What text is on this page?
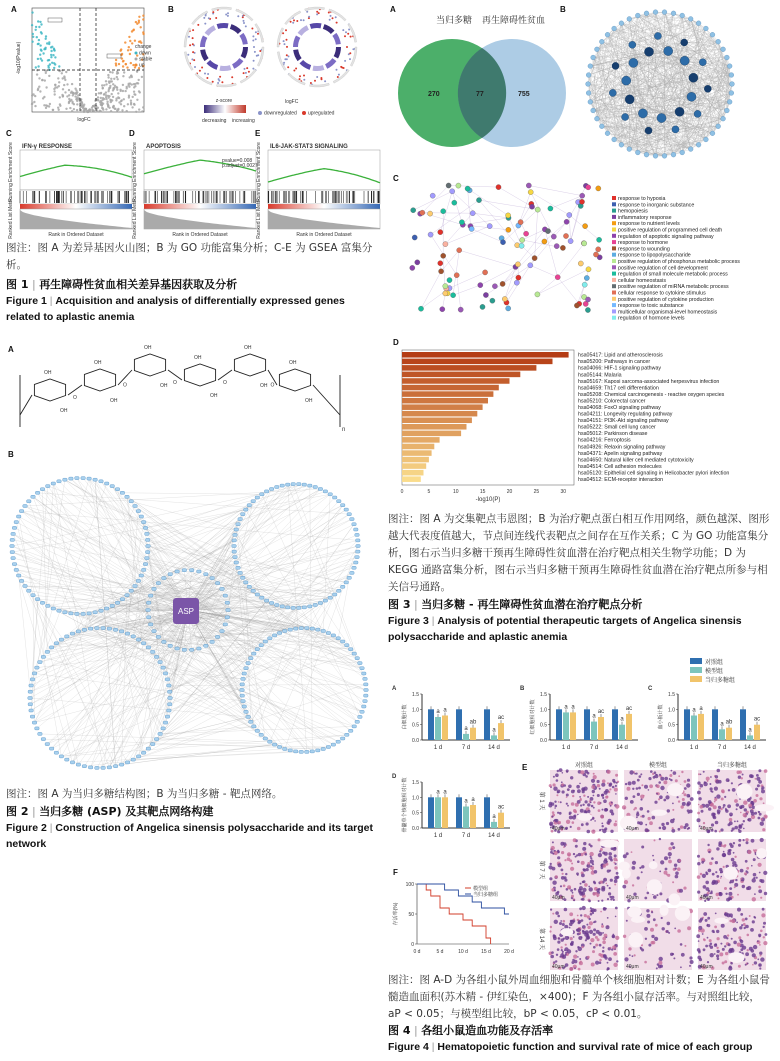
A
logFC
-log10(Pvalue)	change
down
stable
up
B
z-score
decreasing increasing
logFC
downregulated upregulated
C	D	E
IFN-γ RESPONSE
Running Enrichment Score
Ranked List Metric	Rank in Ordered Dataset
APOPTOSIS
Running Enrichment Score	pvalue=0.008
p.adjust=0.0027
Ranked List Metric	Rank in Ordered Dataset
IL6-JAK-STAT3 SIGNALING
Running Enrichment Score
Ranked List Metric	Rank in Ordered Dataset
图注：图 A 为差异基因火山图；B 为 GO 功能富集分析；C-E 为 GSEA 富集分析。
图 1 | 再生障碍性贫血相关差异基因获取及分析
Figure 1 | Acquisition and analysis of differentially expressed genes related to aplastic anemia
A
n
OH
OH
O
OH
OH
O
OH
OH O
OH
OH
O
OH
OH O
OH
OH
B
ASP
图注：图 A 为当归多糖结构图；B 为当归多糖 - 靶点网络。
图 2 | 当归多糖 (ASP) 及其靶点网络构建
Figure 2 | Construction of Angelica sinensis polysaccharide and its target network
A
当归多糖 再生障碍性贫血
270	77	755
B
C
response to hypoxia
response to inorganic substance
hemopoiesis
inflammatory response
response to nutrient levels
positive regulation of programmed cell death
regulation of apoptotic signaling pathway
response to hormone
response to wounding
response to lipopolysaccharide
positive regulation of phosphorus metabolic process
positive regulation of cell development
regulation of small molecule metabolic process
cellular homeostasis
positive regulation of miRNA metabolic process
cellular response to cytokine stimulus
positive regulation of cytokine production
response to toxic substance
multicellular organismal-level homeostasis
regulation of hormone levels
D
hsa05417: Lipid and atherosclerosis
hsa05200: Pathways in cancer
hsa04066: HIF-1 signaling pathway
hsa05144: Malaria
hsa05167: Kaposi sarcoma-associated herpesvirus infection
hsa04659: Th17 cell differentiation
hsa05208: Chemical carcinogenesis - reactive oxygen species
hsa05210: Colorectal cancer
hsa04068: FoxO signaling pathway
hsa04211: Longevity regulating pathway
hsa04151: PI3K-Akt signaling pathway
hsa05222: Small cell lung cancer
hsa05012: Parkinson disease
hsa04216: Ferroptosis
hsa04926: Relaxin signaling pathway
hsa04371: Apelin signaling pathway
hsa04650: Natural killer cell mediated cytotoxicity
hsa04514: Cell adhesion molecules
hsa05120: Epithelial cell signaling in Helicobacter pylori infection
hsa04512: ECM-receptor interaction
0	5	10	15	20	25	30
-log10(P)
图注：图 A 为交集靶点韦恩图；B 为治疗靶点蛋白相互作用网络，颜色越深、图形越大代表度值越大，节点间连线代表靶点之间存在互作关系；C 为 GO 功能富集分析，图右示当归多糖干预再生障碍性贫血潜在治疗靶点相关生物学功能；D 为 KEGG 通路富集分析，图右示当归多糖干预再生障碍性贫血潜在治疗靶点所参与相关信号通路。
图 3 | 当归多糖 - 再生障碍性贫血潜在治疗靶点分析
Figure 3 | Analysis of potential therapeutic targets of Angelica sinensis polysaccharide and aplastic anemia
对照组
模型组
当归多糖组
A
0.0
0.5
1.0
1.5
白细胞计数	a a
1 d
a
ab
7 d
a
ac
14 d
B
0.0
0.5
1.0
1.5
红细胞相对计数	a a
1 d
a
ac
7 d
a
ac
14 d
C
0.0
0.5
1.0
1.5
血小板计数	a a
1 d
a ab
7 d
a
ac
14 d
D
0.0
0.5
1.0
1.5
骨髓单个核细胞相对计数	a a
1 d
a a
7 d
a
ac
14 d
E	对照组	模型组	当归多糖组
第 1 天
40μm	40μm	40μm
第 7 天
40μm	40μm	40μm
第 14 天
40μm	40μm	40μm
F
0
50
100
0 d	5 d	10 d	15 d	20 d
存活率(%)
模型组
当归多糖组
图注：图 A-D 为各组小鼠外周血细胞和骨髓单个核细胞相对计数；E 为各组小鼠骨髓造血面积(苏木精 - 伊红染色，×400)；F 为各组小鼠存活率。与对照组比较，aP < 0.05；与模型组比较，bP < 0.05，cP < 0.01。
图 4 | 各组小鼠造血功能及存活率
Figure 4 | Hematopoietic function and survival rate of mice of each group
